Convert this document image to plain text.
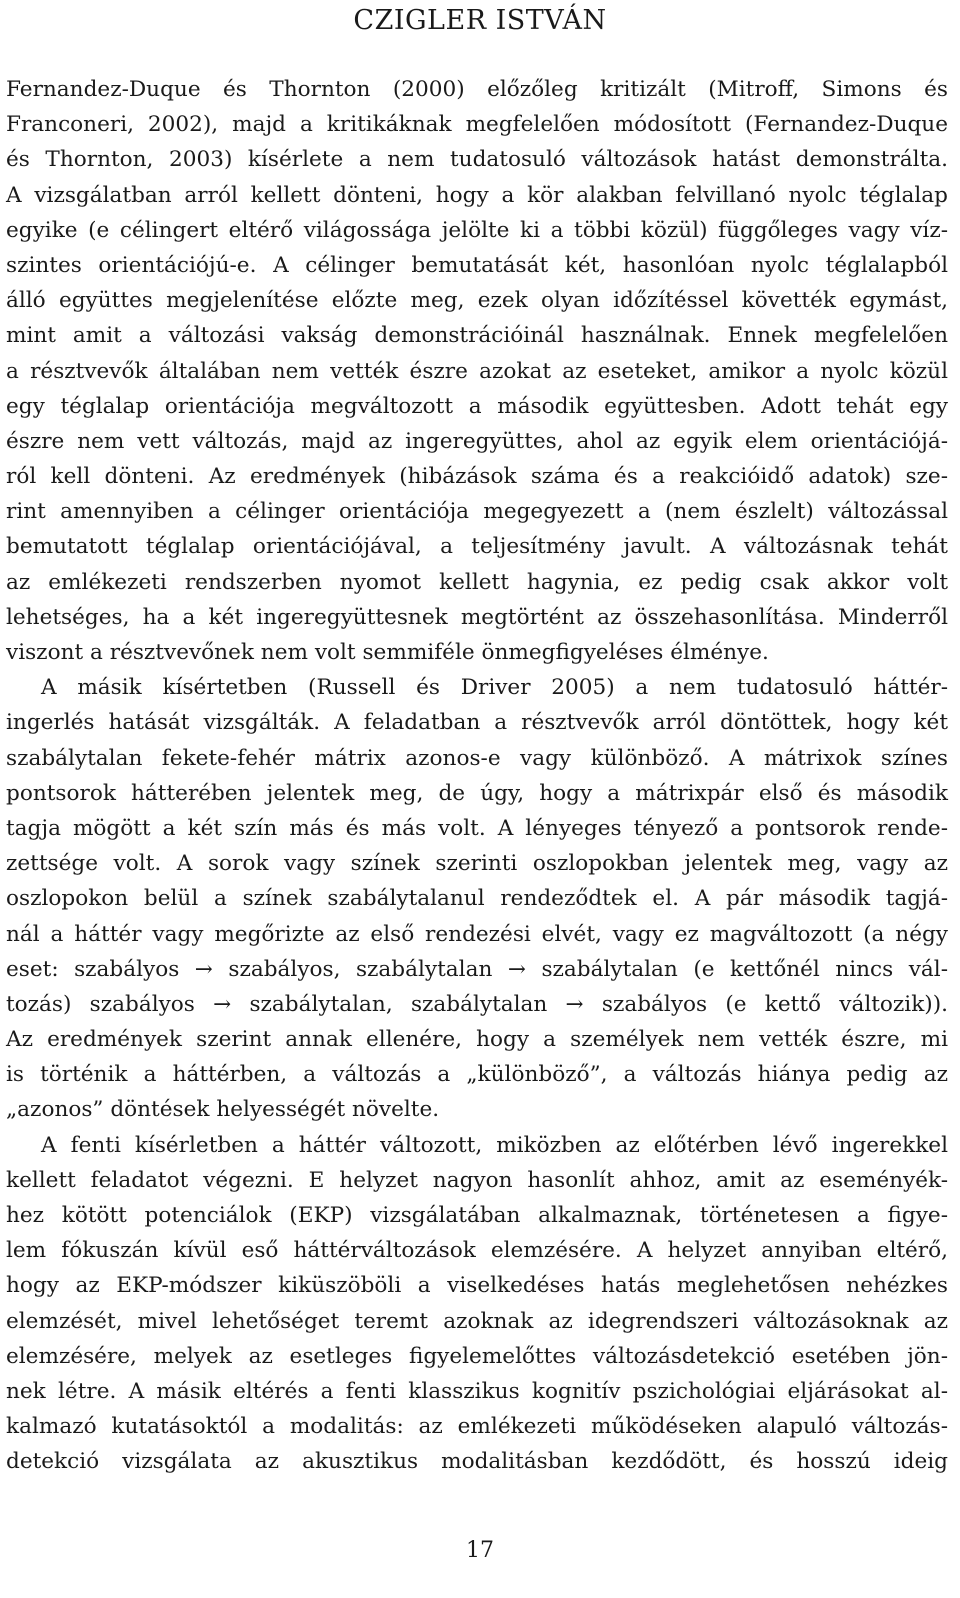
CZIGLER ISTVÁN
Fernandez-Duque és Thornton (2000) előzőleg kritizált (Mitroff, Simons és
Franconeri, 2002), majd a kritikáknak megfelelően módosított (Fernandez-Duque
és Thornton, 2003) kísérlete a nem tudatosuló változások hatást demonstrálta.
A vizsgálatban arról kellett dönteni, hogy a kör alakban felvillanó nyolc téglalap
egyike (e célingert eltérő világossága jelölte ki a többi közül) függőleges vagy víz-
szintes orientációjú-e. A célinger bemutatását két, hasonlóan nyolc téglalapból
álló együttes megjelenítése előzte meg, ezek olyan időzítéssel követték egymást,
mint amit a változási vakság demonstrációinál használnak. Ennek megfelelően
a résztvevők általában nem vették észre azokat az eseteket, amikor a nyolc közül
egy téglalap orientációja megváltozott a második együttesben. Adott tehát egy
észre nem vett változás, majd az ingeregyüttes, ahol az egyik elem orientációjá-
ról kell dönteni. Az eredmények (hibázások száma és a reakcióidő adatok) sze-
rint amennyiben a célinger orientációja megegyezett a (nem észlelt) változással
bemutatott téglalap orientációjával, a teljesítmény javult. A változásnak tehát
az emlékezeti rendszerben nyomot kellett hagynia, ez pedig csak akkor volt
lehetséges, ha a két ingeregyüttesnek megtörtént az összehasonlítása. Minderről
viszont a résztvevőnek nem volt semmiféle önmegfigyeléses élménye.
A másik kísértetben (Russell és Driver 2005) a nem tudatosuló háttér-
ingerlés hatását vizsgálták. A feladatban a résztvevők arról döntöttek, hogy két
szabálytalan fekete-fehér mátrix azonos-e vagy különböző. A mátrixok színes
pontsorok hátterében jelentek meg, de úgy, hogy a mátrixpár első és második
tagja mögött a két szín más és más volt. A lényeges tényező a pontsorok rende-
zettsége volt. A sorok vagy színek szerinti oszlopokban jelentek meg, vagy az
oszlopokon belül a színek szabálytalanul rendeződtek el. A pár második tagjá-
nál a háttér vagy megőrizte az első rendezési elvét, vagy ez magváltozott (a négy
eset: szabályos → szabályos, szabálytalan → szabálytalan (e kettőnél nincs vál-
tozás) szabályos → szabálytalan, szabálytalan → szabályos (e kettő változik)).
Az eredmények szerint annak ellenére, hogy a személyek nem vették észre, mi
is történik a háttérben, a változás a „különböző”, a változás hiánya pedig az
„azonos” döntések helyességét növelte.
A fenti kísérletben a háttér változott, miközben az előtérben lévő ingerekkel
kellett feladatot végezni. E helyzet nagyon hasonlít ahhoz, amit az eseményék-
hez kötött potenciálok (EKP) vizsgálatában alkalmaznak, történetesen a figye-
lem fókuszán kívül eső háttérváltozások elemzésére. A helyzet annyiban eltérő,
hogy az EKP-módszer kiküszöböli a viselkedéses hatás meglehetősen nehézkes
elemzését, mivel lehetőséget teremt azoknak az idegrendszeri változásoknak az
elemzésére, melyek az esetleges figyelemelőttes változásdetekció esetében jön-
nek létre. A másik eltérés a fenti klasszikus kognitív pszichológiai eljárásokat al-
kalmazó kutatásoktól a modalitás: az emlékezeti működéseken alapuló változás-
detekció vizsgálata az akusztikus modalitásban kezdődött, és hosszú ideig
17
